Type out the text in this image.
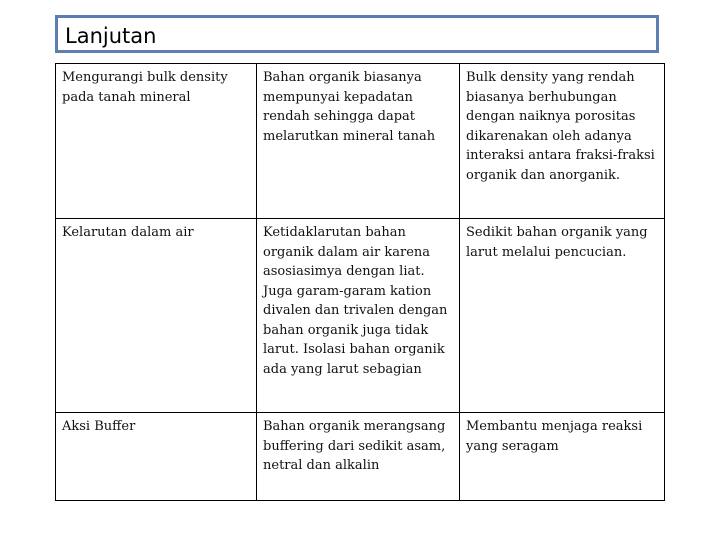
Lanjutan
Mengurangi bulk density pada tanah mineral	Bahan organik biasanya mempunyai kepadatan rendah sehingga dapat melarutkan mineral tanah	Bulk density yang rendah biasanya berhubungan dengan naiknya porositas dikarenakan oleh adanya interaksi antara fraksi-fraksi organik dan anorganik.
Kelarutan dalam air	Ketidaklarutan bahan organik dalam air karena asosiasimya dengan liat. Juga garam-garam kation divalen dan trivalen dengan bahan organik juga tidak larut. Isolasi bahan organik ada yang larut sebagian	Sedikit bahan organik yang larut melalui pencucian.
Aksi Buffer	Bahan organik merangsang buffering dari sedikit asam, netral dan alkalin	Membantu menjaga reaksi yang seragam
